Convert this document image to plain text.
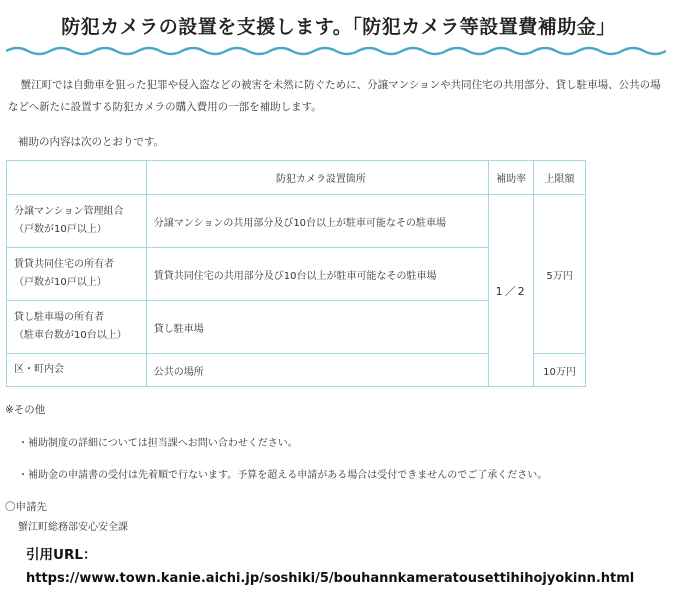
防犯カメラの設置を支援します。「防犯カメラ等設置費補助金」

蟹江町では自動車を狙った犯罪や侵入盗などの被害を未然に防ぐために、分譲マンションや共同住宅の共用部分、貸し駐車場、公共の場などへ新たに設置する防犯カメラの購入費用の一部を補助します。

補助の内容は次のとおりです。
	防犯カメラ設置箇所	補助率	上限額

分譲マンション管理組合
（戸数が10戸以上）	分譲マンションの共用部分及び10台以上が駐車可能なその駐車場	1／2	5万円

賃貸共同住宅の所有者
（戸数が10戸以上）	賃貸共同住宅の共用部分及び10台以上が駐車可能なその駐車場		

貸し駐車場の所有者
（駐車台数が10台以上）	貸し駐車場		

区・町内会	公共の場所		10万円
※その他
・補助制度の詳細については担当課へお問い合わせください。
・補助金の申請書の受付は先着順で行ないます。予算を超える申請がある場合は受付できませんのでご了承ください。
〇申請先
蟹江町総務部安心安全課
引用URL：
https://www.town.kanie.aichi.jp/soshiki/5/bouhannkameratousettihihojyokinn.html
